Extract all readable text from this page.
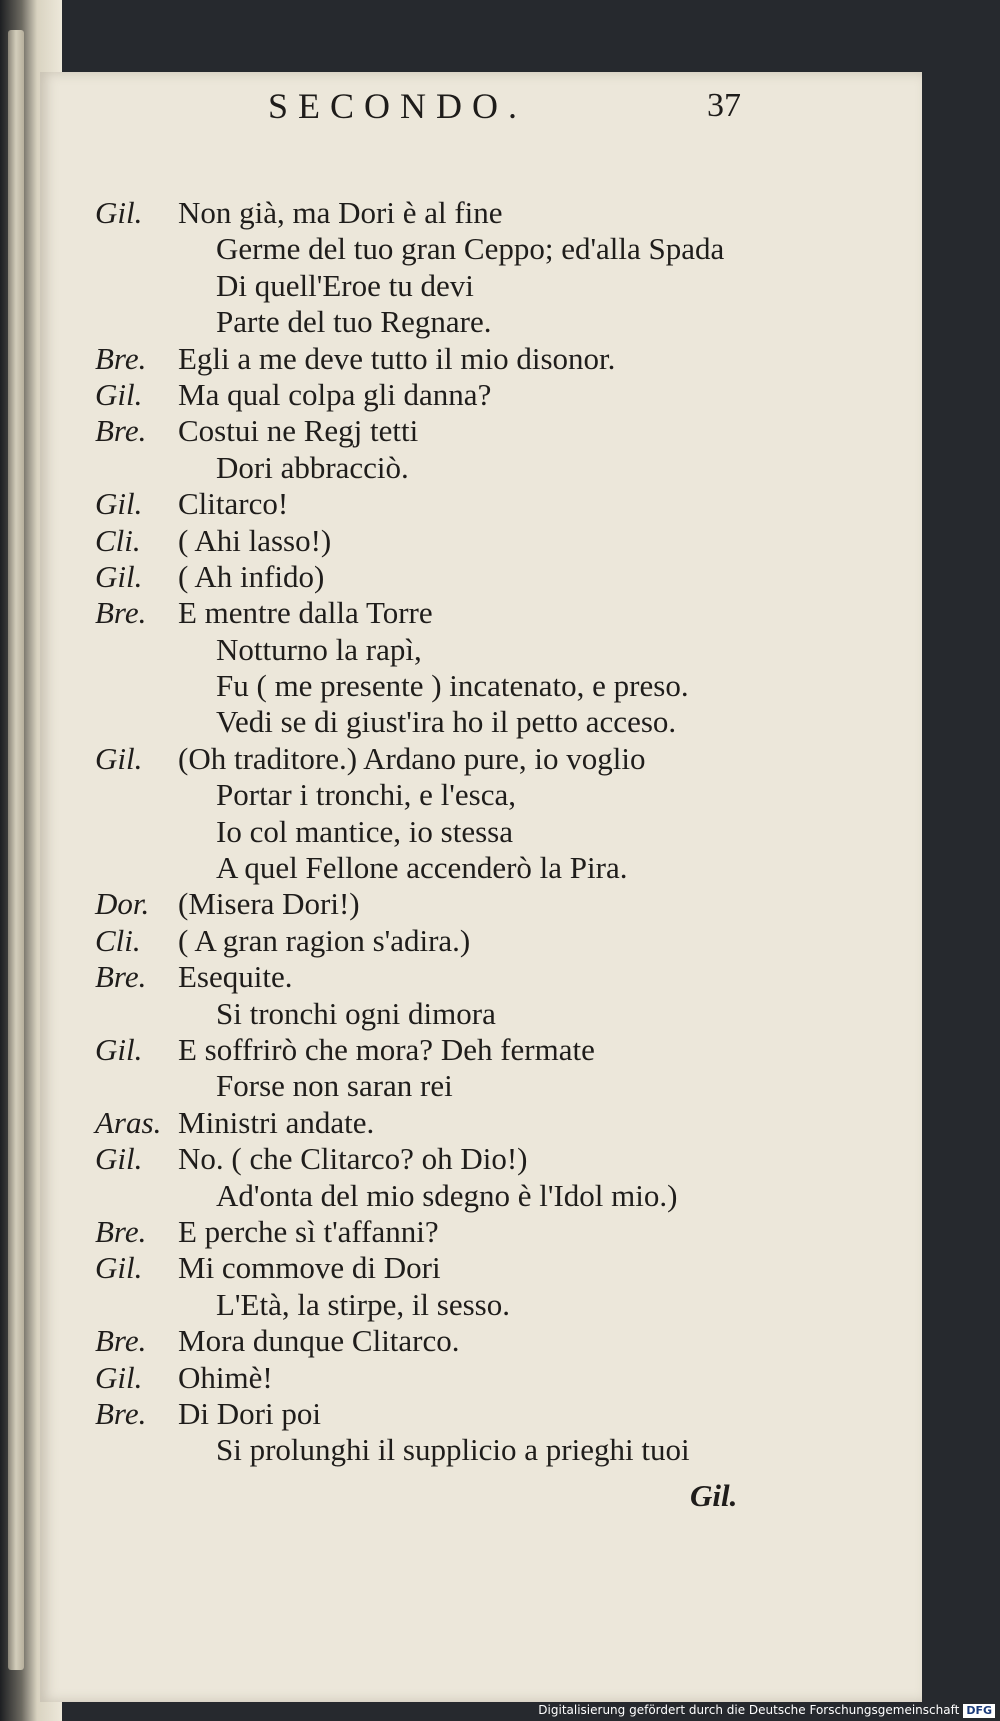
SECONDO.	37
Gil. Non già, ma Dori è al fine
Germe del tuo gran Ceppo; ed'alla Spada
Di quell'Eroe tu devi
Parte del tuo Regnare.
Bre. Egli a me deve tutto il mio disonor.
Gil. Ma qual colpa gli danna?
Bre. Costui ne Regj tetti
Dori abbracciò.
Gil. Clitarco!
Cli. ( Ahi lasso!)
Gil. ( Ah infido)
Bre. E mentre dalla Torre
Notturno la rapì,
Fu ( me presente ) incatenato, e preso.
Vedi se di giust'ira ho il petto acceso.
Gil. (Oh traditore.) Ardano pure, io voglio
Portar i tronchi, e l'esca,
Io col mantice, io stessa
A quel Fellone accenderò la Pira.
Dor. (Misera Dori!)
Cli. ( A gran ragion s'adira.)
Bre. Esequite.
Si tronchi ogni dimora
Gil. E soffrirò che mora? Deh fermate
Forse non saran rei
Aras. Ministri andate.
Gil. No. ( che Clitarco? oh Dio!)
Ad'onta del mio sdegno è l'Idol mio.)
Bre. E perche sì t'affanni?
Gil. Mi commove di Dori
L'Età, la stirpe, il sesso.
Bre. Mora dunque Clitarco.
Gil. Ohimè!
Bre. Di Dori poi
Si prolunghi il supplicio a prieghi tuoi
Gil.
Digitalisierung gefördert durch die Deutsche Forschungsgemeinschaft DFG
